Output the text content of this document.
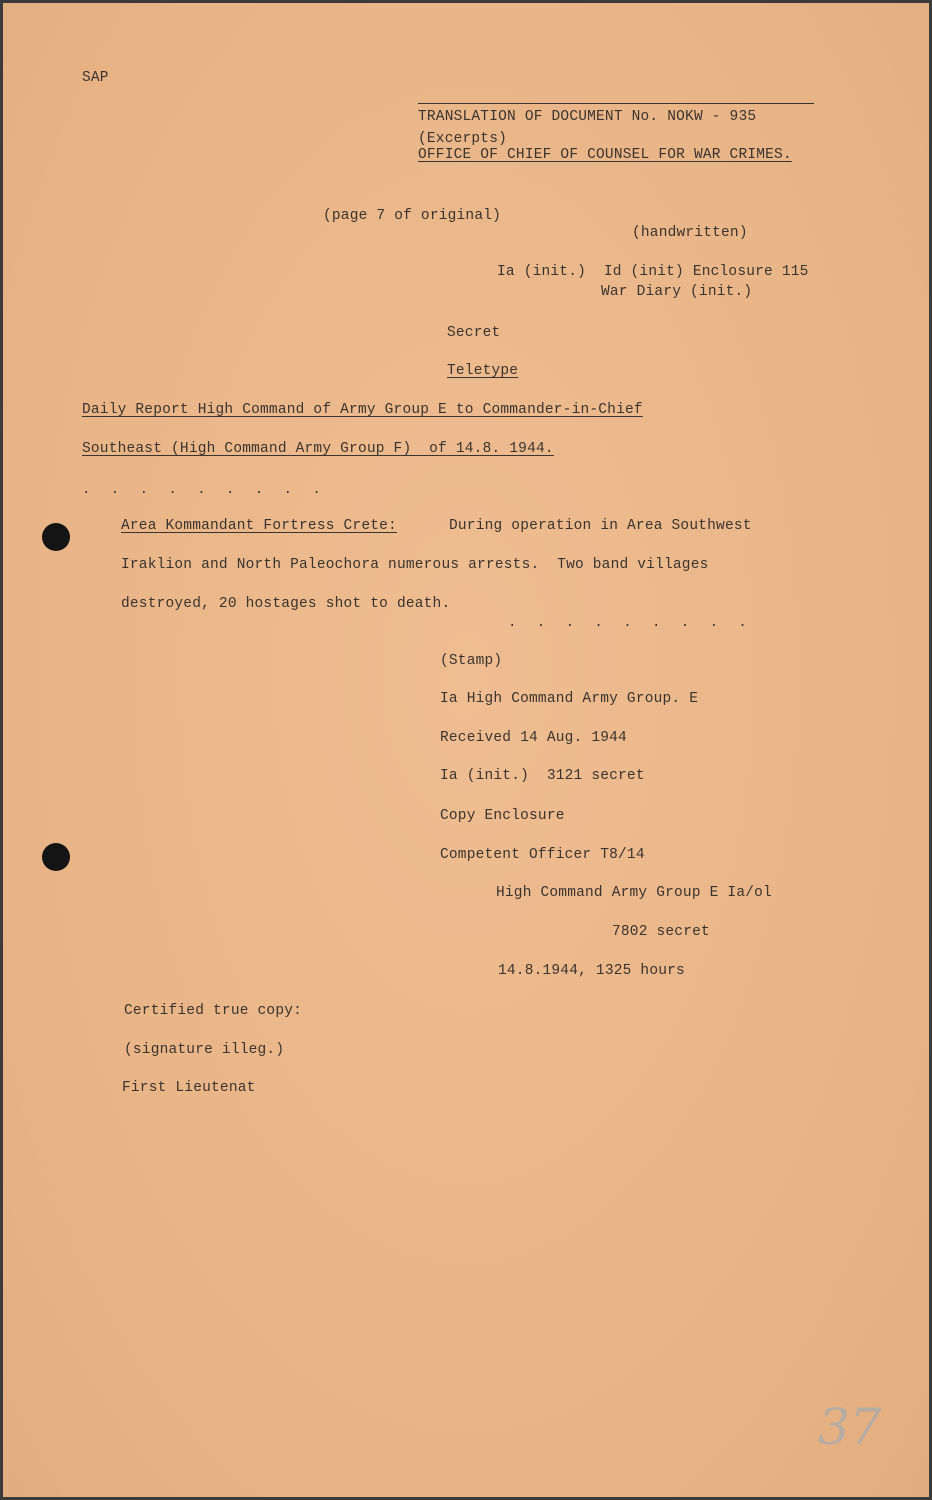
SAP
TRANSLATION OF DOCUMENT No. NOKW - 935
(Excerpts)
OFFICE OF CHIEF OF COUNSEL FOR WAR CRIMES.
(page 7 of original)
(handwritten)
Ia (init.)  Id (init) Enclosure 115
War Diary (init.)
Secret
Teletype
Daily Report High Command of Army Group E to Commander-in-Chief
Southeast (High Command Army Group F)  of 14.8. 1944.
. . . . . . . . .
Area Kommandant Fortress Crete:	During operation in Area Southwest
Iraklion and North Paleochora numerous arrests.  Two band villages
destroyed, 20 hostages shot to death.
. . . . . . . . .
(Stamp)
Ia High Command Army Group. E
Received 14 Aug. 1944
Ia (init.)  3121 secret
Copy Enclosure
Competent Officer T8/14
High Command Army Group E Ia/ol
7802 secret
14.8.1944, 1325 hours
Certified true copy:
(signature illeg.)
First Lieutenat
37
